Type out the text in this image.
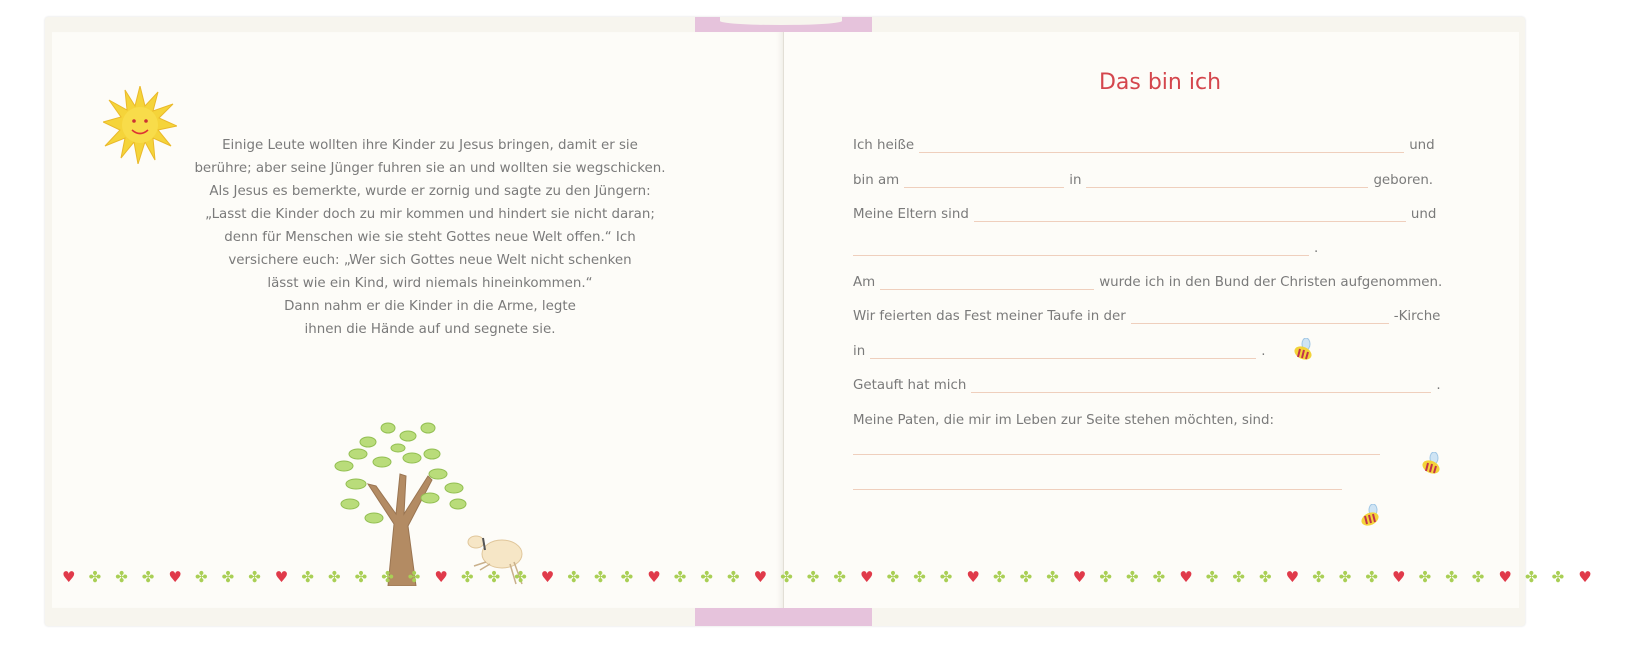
Einige Leute wollten ihre Kinder zu Jesus bringen, damit er sie
berühre; aber seine Jünger fuhren sie an und wollten sie wegschicken.
Als Jesus es bemerkte, wurde er zornig und sagte zu den Jüngern:
„Lasst die Kinder doch zu mir kommen und hindert sie nicht daran;
denn für Menschen wie sie steht Gottes neue Welt offen.“ Ich
versichere euch: „Wer sich Gottes neue Welt nicht schenken
lässt wie ein Kind, wird niemals hineinkommen.“
Dann nahm er die Kinder in die Arme, legte
ihnen die Hände auf und segnete sie.
♥ ✤ ✤ ✤ ♥ ✤ ✤ ✤ ♥ ✤ ✤ ✤ ✤ ✤ ♥ ✤ ✤ ✤ ♥ ✤ ✤ ✤ ♥ ✤ ✤ ✤ ♥ ✤ ✤ ✤ ♥ ✤ ✤ ✤ ♥ ✤ ✤ ✤ ♥ ✤ ✤ ✤ ♥ ✤ ✤ ✤ ♥ ✤ ✤ ✤ ♥ ✤ ✤ ✤ ♥ ✤ ✤ ♥
Das bin ich
Ich heiße	und
bin am	in	geboren.
Meine Eltern sind	und
.
Am	wurde ich in den Bund der Christen aufgenommen.
Wir feierten das Fest meiner Taufe in der	-Kirche
in	.
Getauft hat mich	.
Meine Paten, die mir im Leben zur Seite stehen möchten, sind:
